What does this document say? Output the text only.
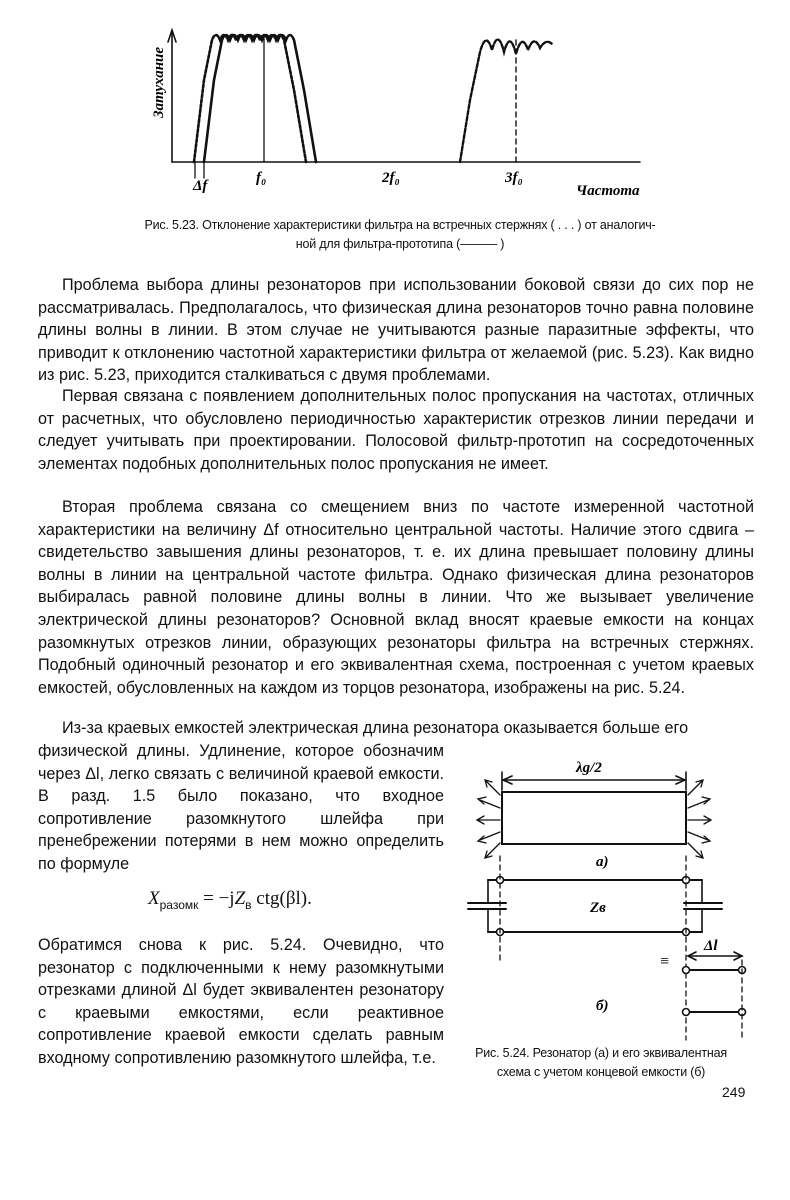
Затухание
Δf	f₀	2f₀	3f₀
Частота
Рис. 5.23. Отклонение характеристики фильтра на встречных стержнях ( . . . ) от аналогич-
ной для фильтра-прототипа (——— )

Проблема выбора длины резонаторов при использовании боковой связи до сих пор не рассматривалась. Предполагалось, что физическая длина резонаторов точно равна половине длины волны в линии. В этом случае не учитываются разные паразитные эффекты, что приводит к отклонению частотной характеристики фильтра от желаемой (рис. 5.23). Как видно из рис. 5.23, приходится сталкиваться с двумя проблемами.

Первая связана с появлением дополнительных полос пропускания на частотах, отличных от расчетных, что обусловлено периодичностью характеристик отрезков линии передачи и следует учитывать при проектировании. Полосовой фильтр-прототип на сосредоточенных элементах подобных дополнительных полос пропускания не имеет.

Вторая проблема связана со смещением вниз по частоте измеренной частотной характеристики на величину Δf относительно центральной частоты. Наличие этого сдвига – свидетельство завышения длины резонаторов, т. е. их длина превышает половину длины волны в линии на центральной частоте фильтра. Однако физическая длина резонаторов выбиралась равной половине длины волны в линии. Что же вызывает увеличение электрической длины резонаторов? Основной вклад вносят краевые емкости на концах разомкнутых отрезков линии, образующих резонаторы фильтра на встречных стержнях. Подобный одиночный резонатор и его эквивалентная схема, построенная с учетом краевых емкостей, обусловленных на каждом из торцов резонатора, изображены на рис. 5.24.

Из-за краевых емкостей электрическая длина резонатора оказывается больше его

физической длины. Удлинение, которое обозначим через Δl, легко связать с величиной краевой емкости. В разд. 1.5 было показано, что входное сопротивление разомкнутого шлейфа при пренебрежении потерями в нем можно определить по формуле

$X_{разомк} = -jZ_в$ ctg(βl).

Обратимся снова к рис. 5.24. Очевидно, что резонатор с подключенными к нему разомкнутыми отрезками длиной Δl будет эквивалентен резонатору с краевыми емкостями, если реактивное сопротивление краевой емкости сделать равным входному сопротивлению разомкнутого шлейфа, т.е.

λg/2
а)
Zв
≡
Δl
б)
Рис. 5.24. Резонатор (а) и его эквивалентная
схема с учетом концевой емкости (б)
249
